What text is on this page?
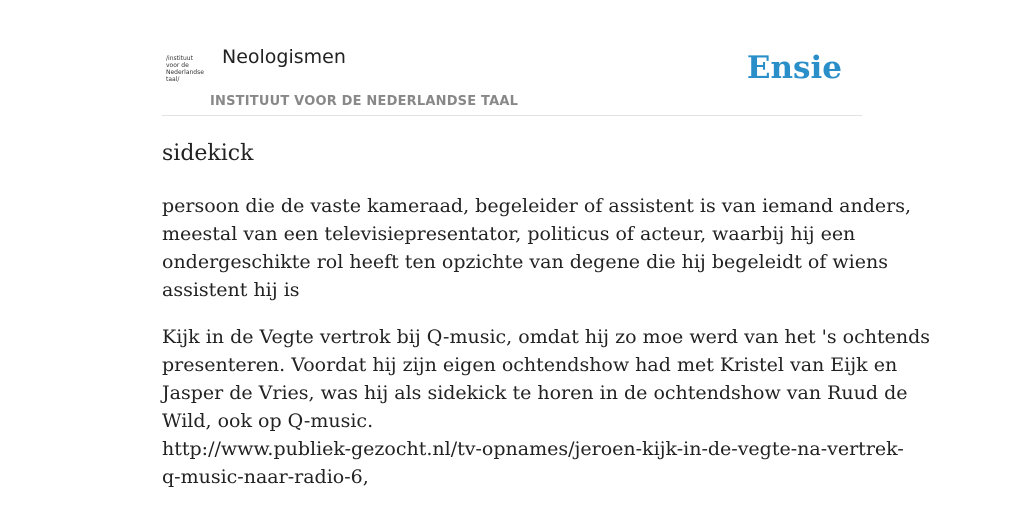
/instituut
voor de
Nederlandse
taal/
Neologismen
INSTITUUT VOOR DE NEDERLANDSE TAAL
Ensie
sidekick

persoon die de vaste kameraad, begeleider of assistent is van iemand anders,
meestal van een televisiepresentator, politicus of acteur, waarbij hij een
ondergeschikte rol heeft ten opzichte van degene die hij begeleidt of wiens
assistent hij is

Kijk in de Vegte vertrok bij Q-music, omdat hij zo moe werd van het 's ochtends
presenteren. Voordat hij zijn eigen ochtendshow had met Kristel van Eijk en
Jasper de Vries, was hij als sidekick te horen in de ochtendshow van Ruud de
Wild, ook op Q-music.
http://www.publiek-gezocht.nl/tv-opnames/jeroen-kijk-in-de-vegte-na-vertrek-
q-music-naar-radio-6,
